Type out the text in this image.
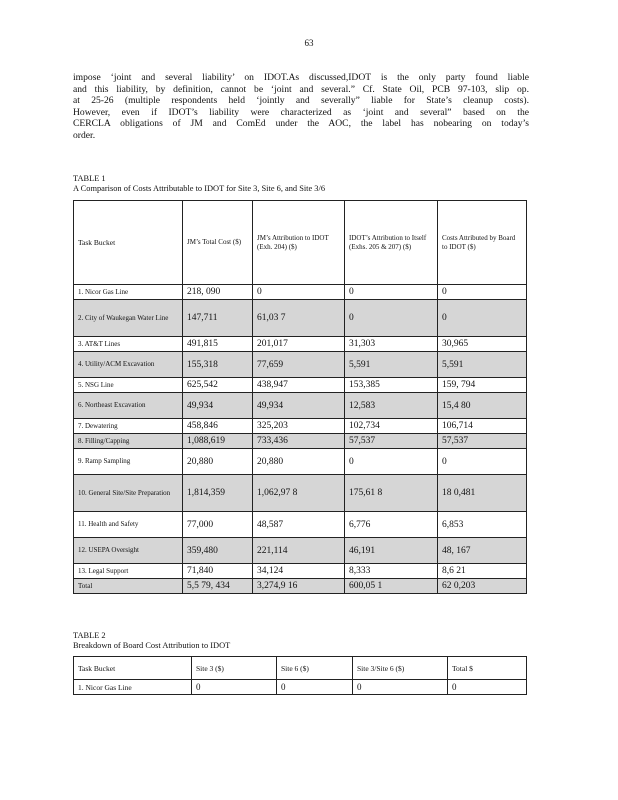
63
impose ‘joint and several liability’ on IDOT.As discussed,IDOT is the only party found liable
and this liability, by definition, cannot be ‘joint and several.” Cf. State Oil, PCB 97-103, slip op.
at 25-26 (multiple respondents held ‘jointly and severally” liable for State’s cleanup costs).
However, even if IDOT’s liability were characterized as ‘joint and several” based on the
CERCLA obligations of JM and ComEd under the AOC, the label has nobearing on today’s
order.
TABLE 1
A Comparison of Costs Attributable to IDOT for Site 3, Site 6, and Site 3/6
Task Bucket	JM’s Total Cost ($)	JM’s Attribution to IDOT (Exh. 204) ($)	IDOT’s Attribution to Itself (Exhs. 205 & 207) ($)	Costs Attributed by Board to IDOT ($)
1. Nicor Gas Line	218, 090	0	0	0
2. City of Waukegan Water Line	147,711	61,03 7	0	0
3. AT&T Lines	491,815	201,017	31,303	30,965
4. Utility/ACM Excavation	155,318	77,659	5,591	5,591
5. NSG Line	625,542	438,947	153,385	159, 794
6. Northeast Excavation	49,934	49,934	12,583	15,4 80
7. Dewatering	458,846	325,203	102,734	106,714
8. Filling/Capping	1,088,619	733,436	57,537	57,537
9. Ramp Sampling	20,880	20,880	0	0
10. General Site/Site Preparation	1,814,359	1,062,97 8	175,61 8	18 0,481
11. Health and Safety	77,000	48,587	6,776	6,853
12. USEPA Oversight	359,480	221,114	46,191	48, 167
13. Legal Support	71,840	34,124	8,333	8,6 21
Total	5,5 79, 434	3,274,9 16	600,05 1	62 0,203
TABLE 2
Breakdown of Board Cost Attribution to IDOT
Task Bucket	Site 3 ($)	Site 6 ($)	Site 3/Site 6 ($)	Total $
1. Nicor Gas Line	0	0	0	0
